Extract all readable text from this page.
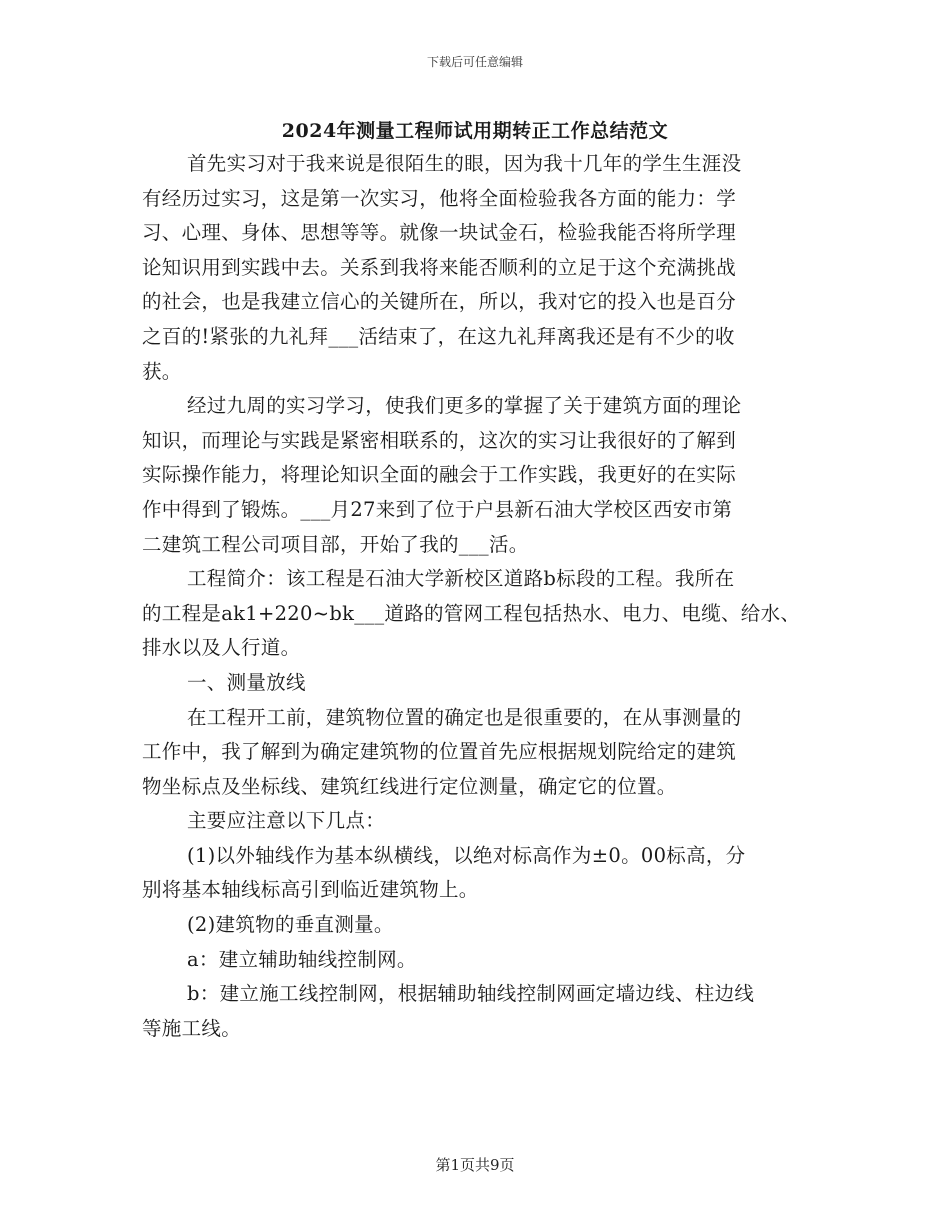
下载后可任意编辑
2024年测量工程师试用期转正工作总结范文
首先实习对于我来说是很陌生的眼，因为我十几年的学生生涯没
有经历过实习，这是第一次实习，他将全面检验我各方面的能力：学
习、心理、身体、思想等等。就像一块试金石，检验我能否将所学理
论知识用到实践中去。关系到我将来能否顺利的立足于这个充满挑战
的社会，也是我建立信心的关键所在，所以，我对它的投入也是百分
之百的!紧张的九礼拜___活结束了，在这九礼拜离我还是有不少的收
获。
经过九周的实习学习，使我们更多的掌握了关于建筑方面的理论
知识，而理论与实践是紧密相联系的，这次的实习让我很好的了解到
实际操作能力，将理论知识全面的融会于工作实践，我更好的在实际
作中得到了锻炼。___月27来到了位于户县新石油大学校区西安市第
二建筑工程公司项目部，开始了我的___活。
工程简介：该工程是石油大学新校区道路b标段的工程。我所在
的工程是ak1+220~bk___道路的管网工程包括热水、电力、电缆、给水、
排水以及人行道。
一、测量放线
在工程开工前，建筑物位置的确定也是很重要的，在从事测量的
工作中，我了解到为确定建筑物的位置首先应根据规划院给定的建筑
物坐标点及坐标线、建筑红线进行定位测量，确定它的位置。
主要应注意以下几点：
(1)以外轴线作为基本纵横线，以绝对标高作为±0。00标高，分
别将基本轴线标高引到临近建筑物上。
(2)建筑物的垂直测量。
a：建立辅助轴线控制网。
b：建立施工线控制网，根据辅助轴线控制网画定墙边线、柱边线
等施工线。
第1页共9页
